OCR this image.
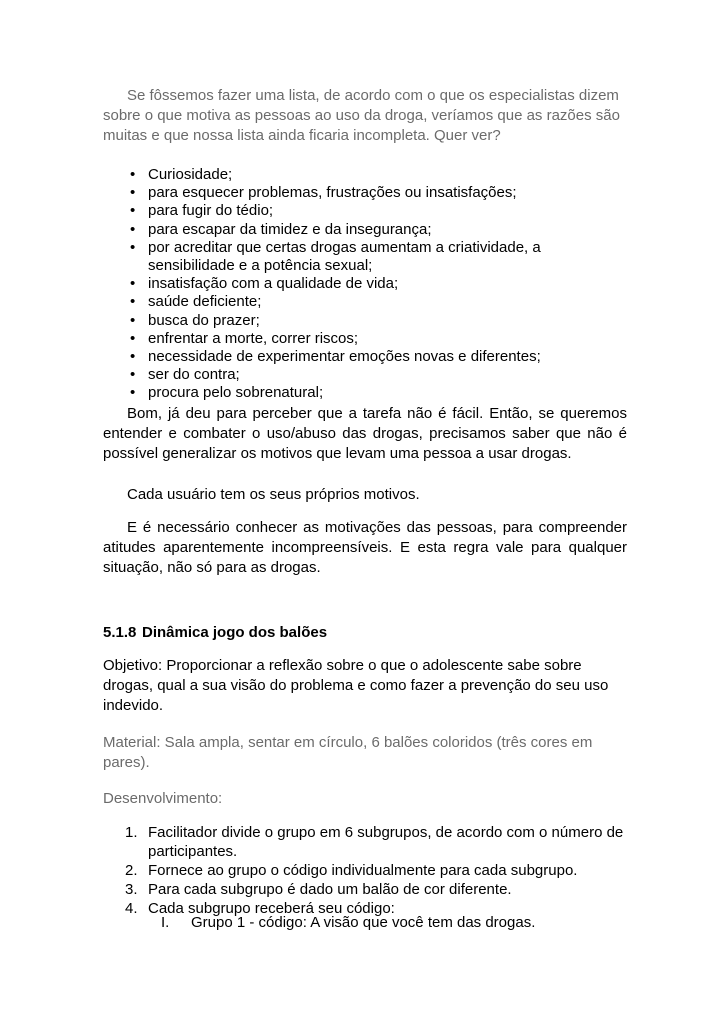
Se fôssemos fazer uma lista, de acordo com o que os especialistas dizem sobre o que motiva as pessoas ao uso da droga, veríamos que as razões são muitas e que nossa lista ainda ficaria incompleta. Quer ver?

• Curiosidade;
• para esquecer problemas, frustrações ou insatisfações;
• para fugir do tédio;
• para escapar da timidez e da insegurança;
• por acreditar que certas drogas aumentam a criatividade, a sensibilidade e a potência sexual;
• insatisfação com a qualidade de vida;
• saúde deficiente;
• busca do prazer;
• enfrentar a morte, correr riscos;
• necessidade de experimentar emoções novas e diferentes;
• ser do contra;
• procura pelo sobrenatural;

Bom, já deu para perceber que a tarefa não é fácil. Então, se queremos entender e combater o uso/abuso das drogas, precisamos saber que não é possível generalizar os motivos que levam uma pessoa a usar drogas.

Cada usuário tem os seus próprios motivos.

E é necessário conhecer as motivações das pessoas, para compreender atitudes aparentemente incompreensíveis. E esta regra vale para qualquer situação, não só para as drogas.

5.1.8 Dinâmica jogo dos balões

Objetivo: Proporcionar a reflexão sobre o que o adolescente sabe sobre drogas, qual a sua visão do problema e como fazer a prevenção do seu uso indevido.

Material: Sala ampla, sentar em círculo, 6 balões coloridos (três cores em pares).

Desenvolvimento:

1. Facilitador divide o grupo em 6 subgrupos, de acordo com o número de participantes.
2. Fornece ao grupo o código individualmente para cada subgrupo.
3. Para cada subgrupo é dado um balão de cor diferente.
4. Cada subgrupo receberá seu código:
I. Grupo 1 - código: A visão que você tem das drogas.
